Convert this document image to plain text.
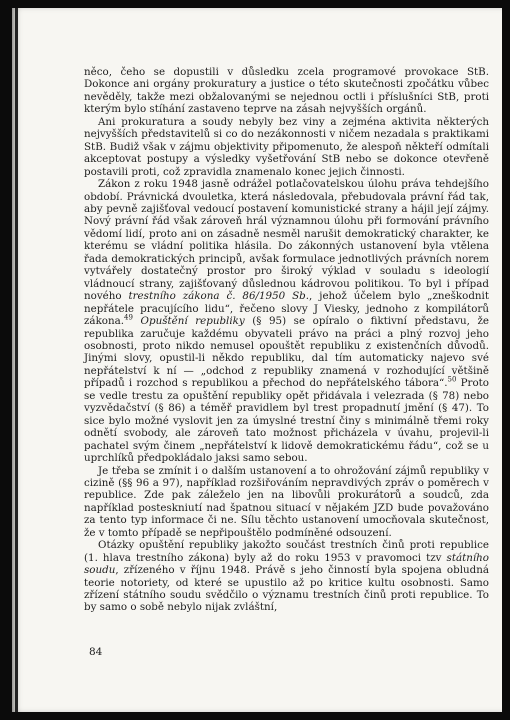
něco, čeho se dopustili v důsledku zcela programové provokace StB. Dokonce ani orgány prokuratury a justice o této skutečnosti zpočátku vůbec nevěděly, takže mezi obžalovanými se nejednou octli i příslušníci StB, proti kterým bylo stíhání zastaveno teprve na zásah nejvyšších orgánů.

Ani prokuratura a soudy nebyly bez viny a zejména aktivita některých nejvyšších představitelů si co do nezákonnosti v ničem nezadala s praktikami StB. Budiž však v zájmu objektivity připomenuto, že alespoň někteří odmítali akceptovat postupy a výsledky vyšetřování StB nebo se dokonce otevřeně postavili proti, což zpravidla znamenalo konec jejich činnosti.

Zákon z roku 1948 jasně odrážel potlačovatelskou úlohu práva tehdejšího období. Právnická dvouletka, která následovala, přebudovala právní řád tak, aby pevně zajišťoval vedoucí postavení komunistické strany a hájil její zájmy. Nový právní řád však zároveň hrál významnou úlohu při formování právního vědomí lidí, proto ani on zásadně nesměl narušit demokratický charakter, ke kterému se vládní politika hlásila. Do zákonných ustanovení byla vtělena řada demokratických principů, avšak formulace jednotlivých právních norem vytvářely dostatečný prostor pro široký výklad v souladu s ideologií vládnoucí strany, zajišťovaný důslednou kádrovou politikou. To byl i případ nového trestního zákona č. 86/1950 Sb., jehož účelem bylo „zneškodnit nepřátele pracujícího lidu“, řečeno slovy J Viesky, jednoho z kompilátorů zákona.$^{49}$ Opuštění republiky (§ 95) se opíralo o fiktivní představu, že republika zaručuje každému obyvateli právo na práci a plný rozvoj jeho osobnosti, proto nikdo nemusel opouštět republiku z existenčních důvodů. Jinými slovy, opustil-li někdo republiku, dal tím automaticky najevo své nepřátelství k ní — „odchod z republiky znamená v rozhodující většině případů i rozchod s republikou a přechod do nepřátelského tábora“.$^{50}$ Proto se vedle trestu za opuštění republiky opět přidávala i velezrada (§ 78) nebo vyzvědačství (§ 86) a téměř pravidlem byl trest propadnutí jmění (§ 47). To sice bylo možné vyslovit jen za úmyslné trestní činy s minimálně třemi roky odnětí svobody, ale zároveň tato možnost přicházela v úvahu, projevil-li pachatel svým činem „nepřátelství k lidově demokratickému řádu“, což se u uprchlíků předpokládalo jaksi samo sebou.

Je třeba se zmínit i o dalším ustanovení a to ohrožování zájmů republiky v cizině (§§ 96 a 97), například rozšiřováním nepravdivých zpráv o poměrech v republice. Zde pak záleželo jen na libovůli prokurátorů a soudců, zda například posteskniutí nad špatnou situací v nějakém JZD bude považováno za tento typ informace či ne. Sílu těchto ustanovení umocňovala skutečnost, že v tomto případě se nepřipouštělo podmíněné odsouzení.

Otázky opuštění republiky jakožto součást trestních činů proti republice (1. hlava trestního zákona) byly až do roku 1953 v pravomoci tzv státního soudu, zřízeného v říjnu 1948. Právě s jeho činností byla spojena obludná teorie notoriety, od které se upustilo až po kritice kultu osobnosti. Samo zřízení státního soudu svědčilo o významu trestních činů proti republice. To by samo o sobě nebylo nijak zvláštní,

84
